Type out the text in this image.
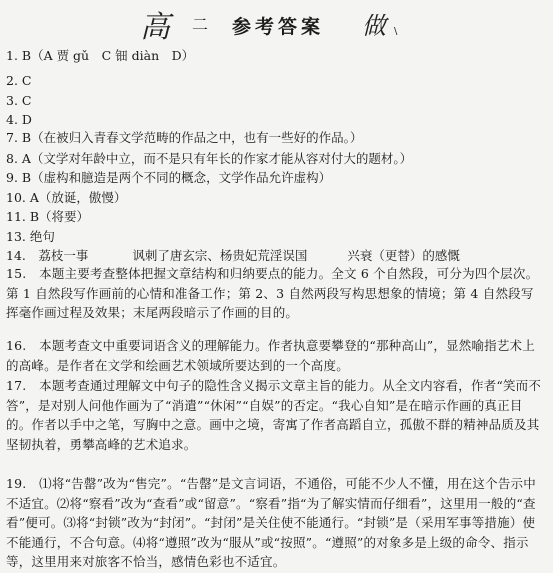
高 二 参考答案 做 \
1. B（A 贾 gǔ　C 钿 diàn　D）
2. C
3. C
4. D
7. B（在被归入青春文学范畴的作品之中，也有一些好的作品。）
8. A（文学对年龄中立，而不是只有年长的作家才能从容对付大的题材。）
9. B（虚构和臆造是两个不同的概念，文学作品允许虚构）
10. A（放诞，傲慢）
11. B（将要）
13. 绝句
14.　荔枝一事	讽刺了唐玄宗、杨贵妃荒淫误国	兴衰（更替）的感慨
15.　本题主要考查整体把握文章结构和归纳要点的能力。全文 6 个自然段，可分为四个层次。第 1 自然段写作画前的心情和准备工作；第 2、3 自然两段写构思想象的情境；第 4 自然段写挥毫作画过程及效果；末尾两段暗示了作画的目的。
16.　本题考查文中重要词语含义的理解能力。作者执意要攀登的“那种高山”，显然喻指艺术上的高峰。是作者在文学和绘画艺术领域所要达到的一个高度。
17.　本题考查通过理解文中句子的隐性含义揭示文章主旨的能力。从全文内容看，作者“笑而不答”，是对别人问他作画为了“消遣”“休闲”“自娱”的否定。“我心自知”是在暗示作画的真正目的。作者以手中之笔，写胸中之意。画中之境，寄寓了作者高蹈自立，孤傲不群的精神品质及其坚韧执着，勇攀高峰的艺术追求。
19.　⑴将“告罄”改为“售完”。“告罄”是文言词语，不通俗，可能不少人不懂，用在这个告示中不适宜。⑵将“察看”改为“查看”或“留意”。“察看”指“为了解实情而仔细看”，这里用一般的“查看”便可。⑶将“封锁”改为“封闭”。“封闭”是关住使不能通行。“封锁”是（采用军事等措施）使不能通行，不合句意。⑷将“遵照”改为“服从”或“按照”。“遵照”的对象多是上级的命令、指示等，这里用来对旅客不恰当，感情色彩也不适宜。
